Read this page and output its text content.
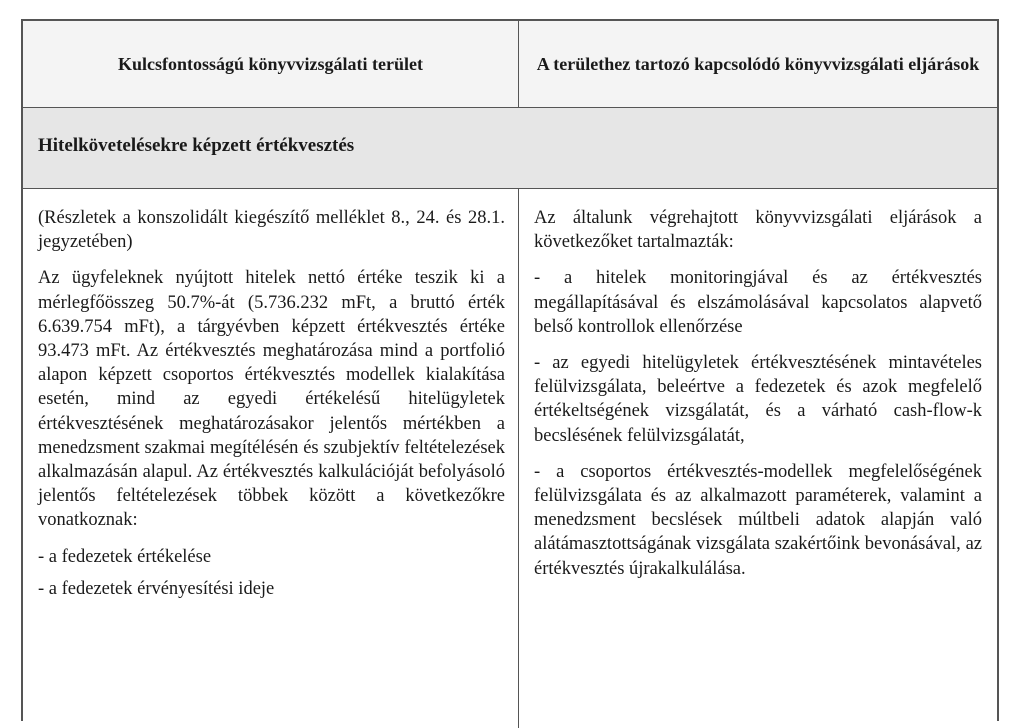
Kulcsfontosságú könyvvizsgálati terület	A területhez tartozó kapcsolódó könyvvizsgálati eljárások
Hitelkövetelésekre képzett értékvesztés

(Részletek a konszolidált kiegészítő melléklet 8., 24. és 28.1. jegyzetében)

Az ügyfeleknek nyújtott hitelek nettó értéke teszik ki a mérlegfőösszeg 50.7%-át (5.736.232 mFt, a bruttó érték 6.639.754 mFt), a tárgyévben képzett értékvesztés értéke 93.473 mFt. Az értékvesztés meghatározása mind a portfolió alapon képzett csoportos értékvesztés modellek kialakítása esetén, mind az egyedi értékelésű hitelügyletek értékvesztésének meghatározásakor jelentős mértékben a menedzsment szakmai megítélésén és szubjektív feltételezések alkalmazásán alapul. Az értékvesztés kalkulációját befolyásoló jelentős feltételezések többek között a következőkre vonatkoznak:

- a fedezetek értékelése

- a fedezetek érvényesítési ideje

Az általunk végrehajtott könyvvizsgálati eljárások a következőket tartalmazták:

- a hitelek monitoringjával és az értékvesztés megállapításával és elszámolásával kapcsolatos alapvető belső kontrollok ellenőrzése

- az egyedi hitelügyletek értékvesztésének mintavételes felülvizsgálata, beleértve a fedezetek és azok megfelelő értékeltségének vizsgálatát, és a várható cash-flow-k becslésének felülvizsgálatát,

- a csoportos értékvesztés-modellek megfelelőségének felülvizsgálata és az alkalmazott paraméterek, valamint a menedzsment becslések múltbeli adatok alapján való alátámasztottságának vizsgálata szakértőink bevonásával, az értékvesztés újrakalkulálása.
